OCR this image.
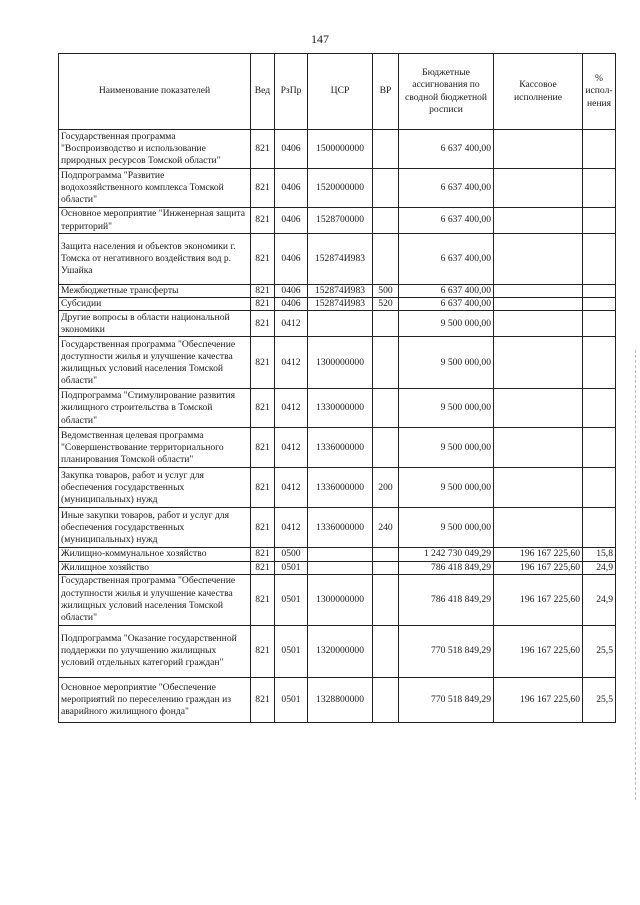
147
Наименование показателей	Вед	РзПр	ЦСР	ВР	Бюджетные ассигнования по сводной бюджетной росписи	Кассовое исполнение	% испол-нения
Государственная программа "Воспроизводство и использование природных ресурсов Томской области"	821	0406	1500000000		6 637 400,00		
Подпрограмма "Развитие водохозяйственного комплекса Томской области"	821	0406	1520000000		6 637 400,00		
Основное мероприятие "Инженерная защита территорий"	821	0406	1528700000		6 637 400,00		
Защита населения и объектов экономики г. Томска от негативного воздействия вод р. Ушайка	821	0406	152874И983		6 637 400,00		
Межбюджетные трансферты	821	0406	152874И983	500	6 637 400,00		
Субсидии	821	0406	152874И983	520	6 637 400,00		
Другие вопросы в области национальной экономики	821	0412			9 500 000,00		
Государственная программа "Обеспечение доступности жилья и улучшение качества жилищных условий населения Томской области"	821	0412	1300000000		9 500 000,00		
Подпрограмма "Стимулирование развития жилищного строительства в Томской области"	821	0412	1330000000		9 500 000,00		
Ведомственная целевая программа "Совершенствование территориального планирования Томской области"	821	0412	1336000000		9 500 000,00		
Закупка товаров, работ и услуг для обеспечения государственных (муниципальных) нужд	821	0412	1336000000	200	9 500 000,00		
Иные закупки товаров, работ и услуг для обеспечения государственных (муниципальных) нужд	821	0412	1336000000	240	9 500 000,00		
Жилищно-коммунальное хозяйство	821	0500			1 242 730 049,29	196 167 225,60	15,8
Жилищное хозяйство	821	0501			786 418 849,29	196 167 225,60	24,9
Государственная программа "Обеспечение доступности жилья и улучшение качества жилищных условий населения Томской области"	821	0501	1300000000		786 418 849,29	196 167 225,60	24,9
Подпрограмма "Оказание государственной поддержки по улучшению жилищных условий отдельных категорий граждан"	821	0501	1320000000		770 518 849,29	196 167 225,60	25,5
Основное мероприятие "Обеспечение мероприятий по переселению граждан из аварийного жилищного фонда"	821	0501	1328800000		770 518 849,29	196 167 225,60	25,5
